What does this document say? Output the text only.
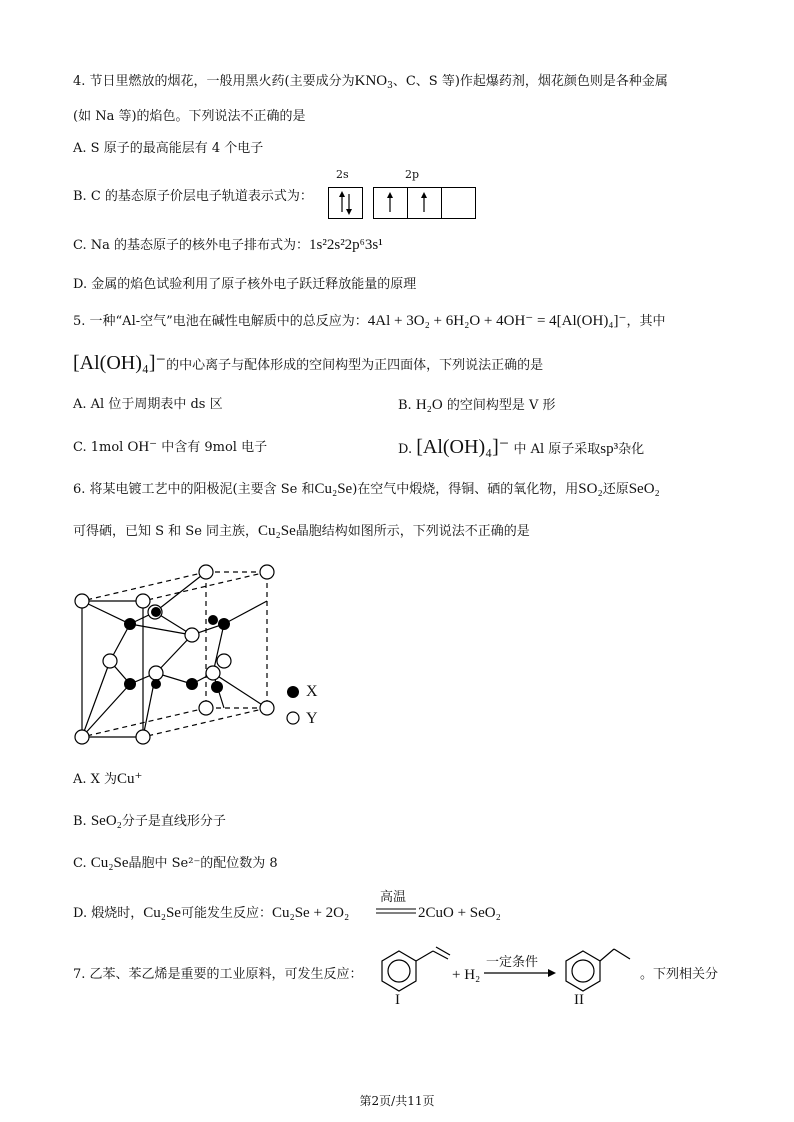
4. 节日里燃放的烟花，一般用黑火药(主要成分为$KNO_3$、C、S 等)作起爆药剂，烟花颜色则是各种金属
(如 Na 等)的焰色。下列说法不正确的是
A. S 原子的最高能层有 4 个电子
B. C 的基态原子价层电子轨道表示式为：
2s	2p
C. Na 的基态原子的核外电子排布式为：1s²2s²2p⁶3s¹
D. 金属的焰色试验利用了原子核外电子跃迁释放能量的原理
5. 一种“Al-空气”电池在碱性电解质中的总反应为：4Al + 3O₂ + 6H₂O + 4OH⁻ = 4[Al(OH)₄]⁻，其中
[Al(OH)₄]⁻的中心离子与配体形成的空间构型为正四面体，下列说法正确的是
A. Al 位于周期表中 ds 区	B. H₂O 的空间构型是 V 形
C. 1mol OH⁻ 中含有 9mol 电子	D. [Al(OH)₄]⁻ 中 Al 原子采取sp³杂化
6. 将某电镀工艺中的阳极泥(主要含 Se 和Cu₂Se)在空气中煅烧，得铜、硒的氧化物，用SO₂还原SeO₂
可得硒，已知 S 和 Se 同主族，Cu₂Se晶胞结构如图所示，下列说法不正确的是
X
Y
A. X 为Cu⁺
B. SeO₂分子是直线形分子
C. Cu₂Se晶胞中 Se²⁻的配位数为 8
D. 煅烧时，Cu₂Se可能发生反应：Cu₂Se + 2O₂
高温
2CuO + SeO₂
7. 乙苯、苯乙烯是重要的工业原料，可发生反应：
I
+ H₂
一定条件
II
。下列相关分
第2页/共11页
